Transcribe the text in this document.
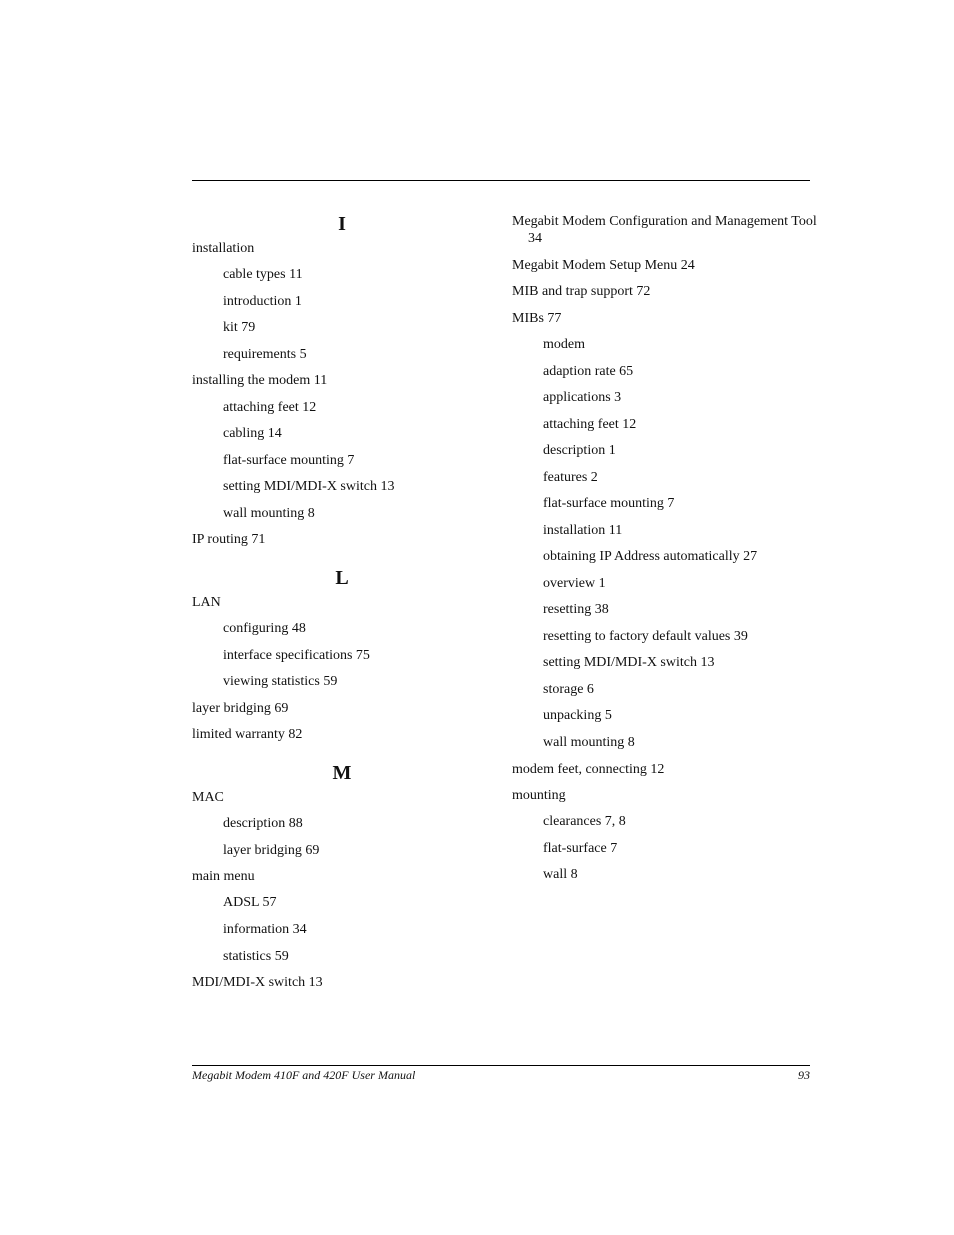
I
installation
cable types 11
introduction 1
kit 79
requirements 5
installing the modem 11
attaching feet 12
cabling 14
flat-surface mounting 7
setting MDI/MDI-X switch 13
wall mounting 8
IP routing 71
L
LAN
configuring 48
interface specifications 75
viewing statistics 59
layer bridging 69
limited warranty 82
M
MAC
description 88
layer bridging 69
main menu
ADSL 57
information 34
statistics 59
MDI/MDI-X switch 13
Megabit Modem Configuration and Management Tool 34
Megabit Modem Setup Menu 24
MIB and trap support 72
MIBs 77
modem
adaption rate 65
applications 3
attaching feet 12
description 1
features 2
flat-surface mounting 7
installation 11
obtaining IP Address automatically 27
overview 1
resetting 38
resetting to factory default values 39
setting MDI/MDI-X switch 13
storage 6
unpacking 5
wall mounting 8
modem feet, connecting 12
mounting
clearances 7, 8
flat-surface 7
wall 8
Megabit Modem 410F and 420F User Manual	93
